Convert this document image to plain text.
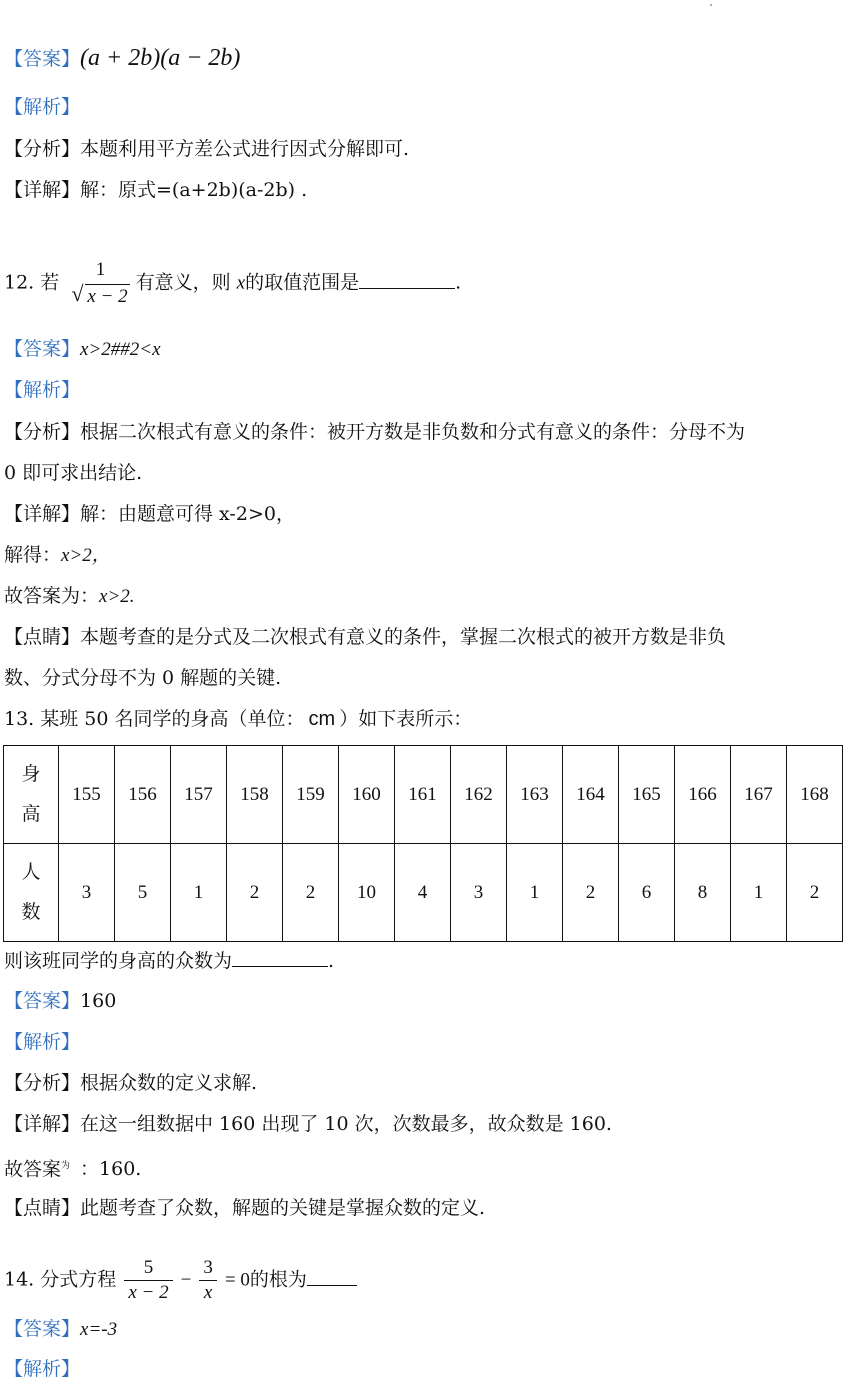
【答案】(a + 2b)(a − 2b)
【解析】
【分析】本题利用平方差公式进行因式分解即可.
【详解】解：原式=(a+2b)(a-2b) .
12. 若
1
√ x − 2
有意义，则 x的取值范围是	.
【答案】x>2##2<x
【解析】
【分析】根据二次根式有意义的条件：被开方数是非负数和分式有意义的条件：分母不为
0 即可求出结论.
【详解】解：由题意可得 x-2>0，
解得：x>2，
故答案为：x>2.
【点睛】本题考查的是分式及二次根式有意义的条件，掌握二次根式的被开方数是非负
数、分式分母不为 0 解题的关键.
13. 某班 50 名同学的身高（单位： cm ）如下表所示：
身
高	155	156	157	158	159	160	161	162	163	164	165	166	167	168

人
数	3	5	1	2	2	10	4	3	1	2	6	8	1	2
则该班同学的身高的众数为	.
【答案】160
【解析】
【分析】根据众数的定义求解.
【详解】在这一组数据中 160 出现了 10 次，次数最多，故众数是 160.
故答案$^为$ ：160.
【点睛】此题考查了众数，解题的关键是掌握众数的定义.
14. 分式方程 $\frac{5}{x - 2} - \frac{3}{x} = 0$的根为
【答案】x=-3
【解析】
